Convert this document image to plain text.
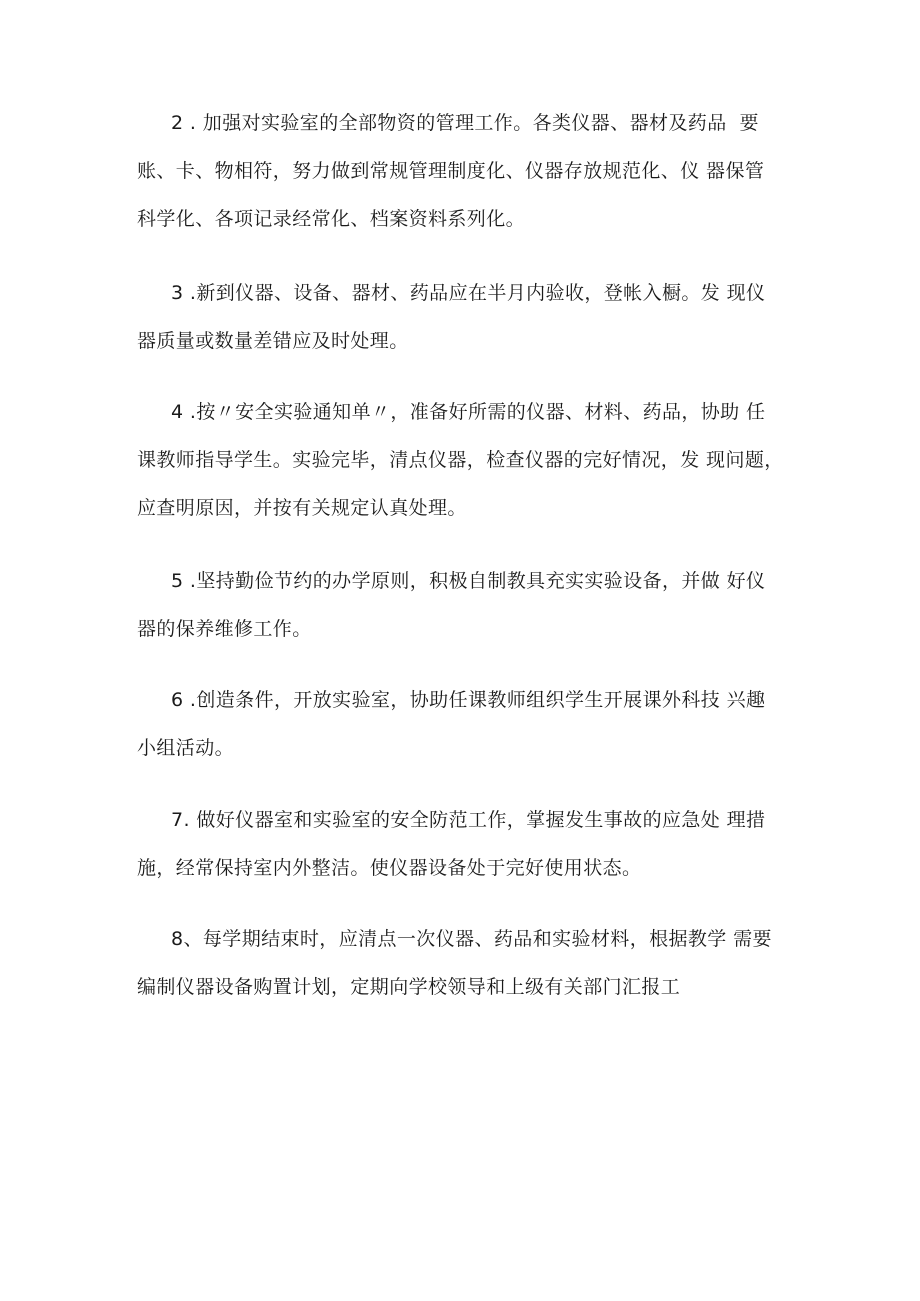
2 . 加强对实验室的全部物资的管理工作。各类仪器、器材及药品  要
账、卡、物相符，努力做到常规管理制度化、仪器存放规范化、仪 器保管
科学化、各项记录经常化、档案资料系列化。

3 .新到仪器、设备、器材、药品应在半月内验收，登帐入橱。发 现仪
器质量或数量差错应及时处理。

4 .按〃安全实验通知单〃，准备好所需的仪器、材料、药品，协助 任
课教师指导学生。实验完毕，清点仪器，检查仪器的完好情况，发 现问题，
应查明原因，并按有关规定认真处理。

5 .坚持勤俭节约的办学原则，积极自制教具充实实验设备，并做 好仪
器的保养维修工作。

6 .创造条件，开放实验室，协助任课教师组织学生开展课外科技 兴趣
小组活动。

7. 做好仪器室和实验室的安全防范工作，掌握发生事故的应急处 理措
施，经常保持室内外整洁。使仪器设备处于完好使用状态。

8、每学期结束时，应清点一次仪器、药品和实验材料，根据教学 需要
编制仪器设备购置计划，定期向学校领导和上级有关部门汇报工
